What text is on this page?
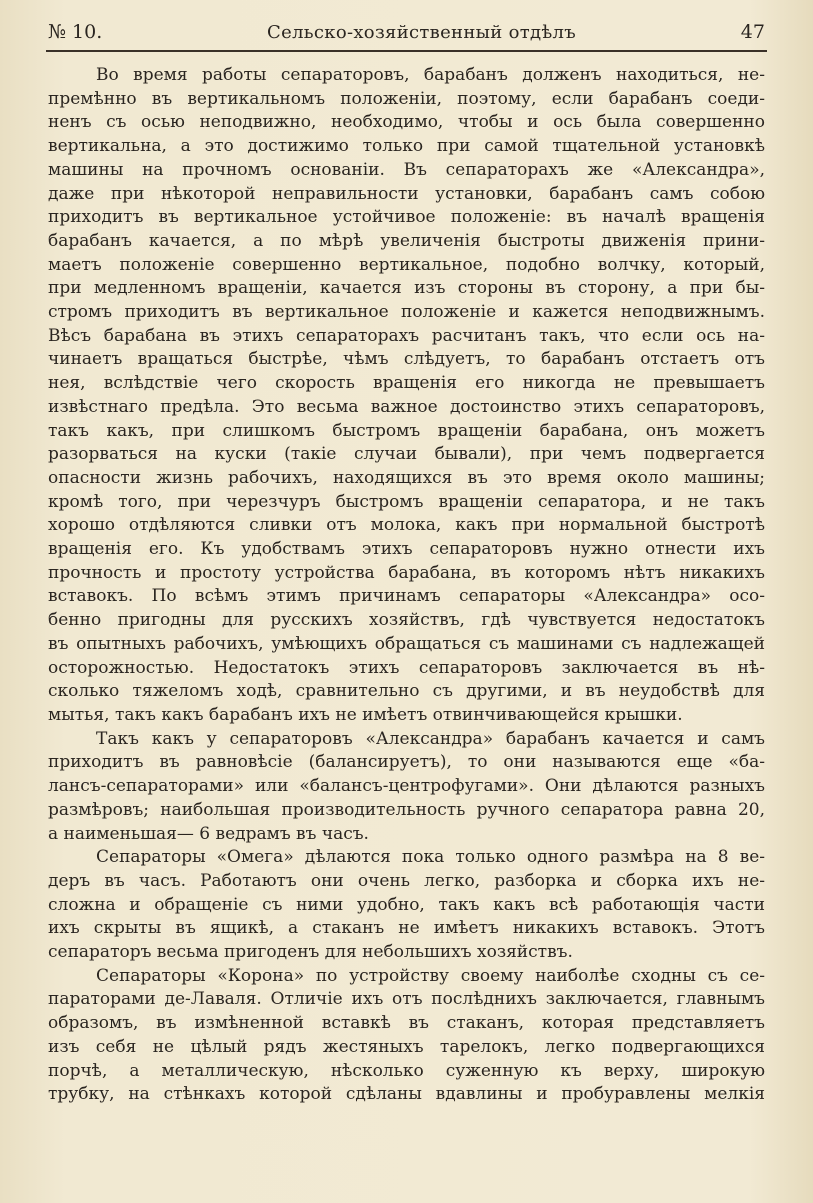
№ 10.	Сельско-хозяйственный отдѣлъ	47

Во время работы сепараторовъ, барабанъ долженъ находиться, не-
премѣнно въ вертикальномъ положеніи, поэтому, если барабанъ соеди-
ненъ съ осью неподвижно, необходимо, чтобы и ось была совершенно
вертикальна, а это достижимо только при самой тщательной установкѣ
машины на прочномъ основаніи. Въ сепараторахъ же «Александра»,
даже при нѣкоторой неправильности установки, барабанъ самъ собою
приходитъ въ вертикальное устойчивое положеніе: въ началѣ вращенія
барабанъ качается, а по мѣрѣ увеличенія быстроты движенія прини-
маетъ положеніе совершенно вертикальное, подобно волчку, который,
при медленномъ вращеніи, качается изъ стороны въ сторону, а при бы-
стромъ приходитъ въ вертикальное положеніе и кажется неподвижнымъ.
Вѣсъ барабана въ этихъ сепараторахъ расчитанъ такъ, что если ось на-
чинаетъ вращаться быстрѣе, чѣмъ слѣдуетъ, то барабанъ отстаетъ отъ
нея, вслѣдствіе чего скорость вращенія его никогда не превышаетъ
извѣстнаго предѣла. Это весьма важное достоинство этихъ сепараторовъ,
такъ какъ, при слишкомъ быстромъ вращеніи барабана, онъ можетъ
разорваться на куски (такіе случаи бывали), при чемъ подвергается
опасности жизнь рабочихъ, находящихся въ это время около машины;
кромѣ того, при черезчуръ быстромъ вращеніи сепаратора, и не такъ
хорошо отдѣляются сливки отъ молока, какъ при нормальной быстротѣ
вращенія его. Къ удобствамъ этихъ сепараторовъ нужно отнести ихъ
прочность и простоту устройства барабана, въ которомъ нѣтъ никакихъ
вставокъ. По всѣмъ этимъ причинамъ сепараторы «Александра» осо-
бенно пригодны для русскихъ хозяйствъ, гдѣ чувствуется недостатокъ
въ опытныхъ рабочихъ, умѣющихъ обращаться съ машинами съ надлежащей
осторожностью. Недостатокъ этихъ сепараторовъ заключается въ нѣ-
сколько тяжеломъ ходѣ, сравнительно съ другими, и въ неудобствѣ для
мытья, такъ какъ барабанъ ихъ не имѣетъ отвинчивающейся крышки.

Такъ какъ у сепараторовъ «Александра» барабанъ качается и самъ
приходитъ въ равновѣсіе (балансируетъ), то они называются еще «ба-
лансъ-сепараторами» или «балансъ-центрофугами». Они дѣлаются разныхъ
размѣровъ; наибольшая производительность ручного сепаратора равна 20,
а наименьшая— 6 ведрамъ въ часъ.

Сепараторы «Омега» дѣлаются пока только одного размѣра на 8 ве-
деръ въ часъ. Работаютъ они очень легко, разборка и сборка ихъ не-
сложна и обращеніе съ ними удобно, такъ какъ всѣ работающія части
ихъ скрыты въ ящикѣ, а стаканъ не имѣетъ никакихъ вставокъ. Этотъ
сепараторъ весьма пригоденъ для небольшихъ хозяйствъ.

Сепараторы «Корона» по устройству своему наиболѣе сходны съ се-
параторами де-Лаваля. Отличіе ихъ отъ послѣднихъ заключается, главнымъ
образомъ, въ измѣненной вставкѣ въ стаканъ, которая представляетъ
изъ себя не цѣлый рядъ жестяныхъ тарелокъ, легко подвергающихся
порчѣ, а металлическую, нѣсколько суженную къ верху, широкую
трубку, на стѣнкахъ которой сдѣланы вдавлины и пробуравлены мелкія
